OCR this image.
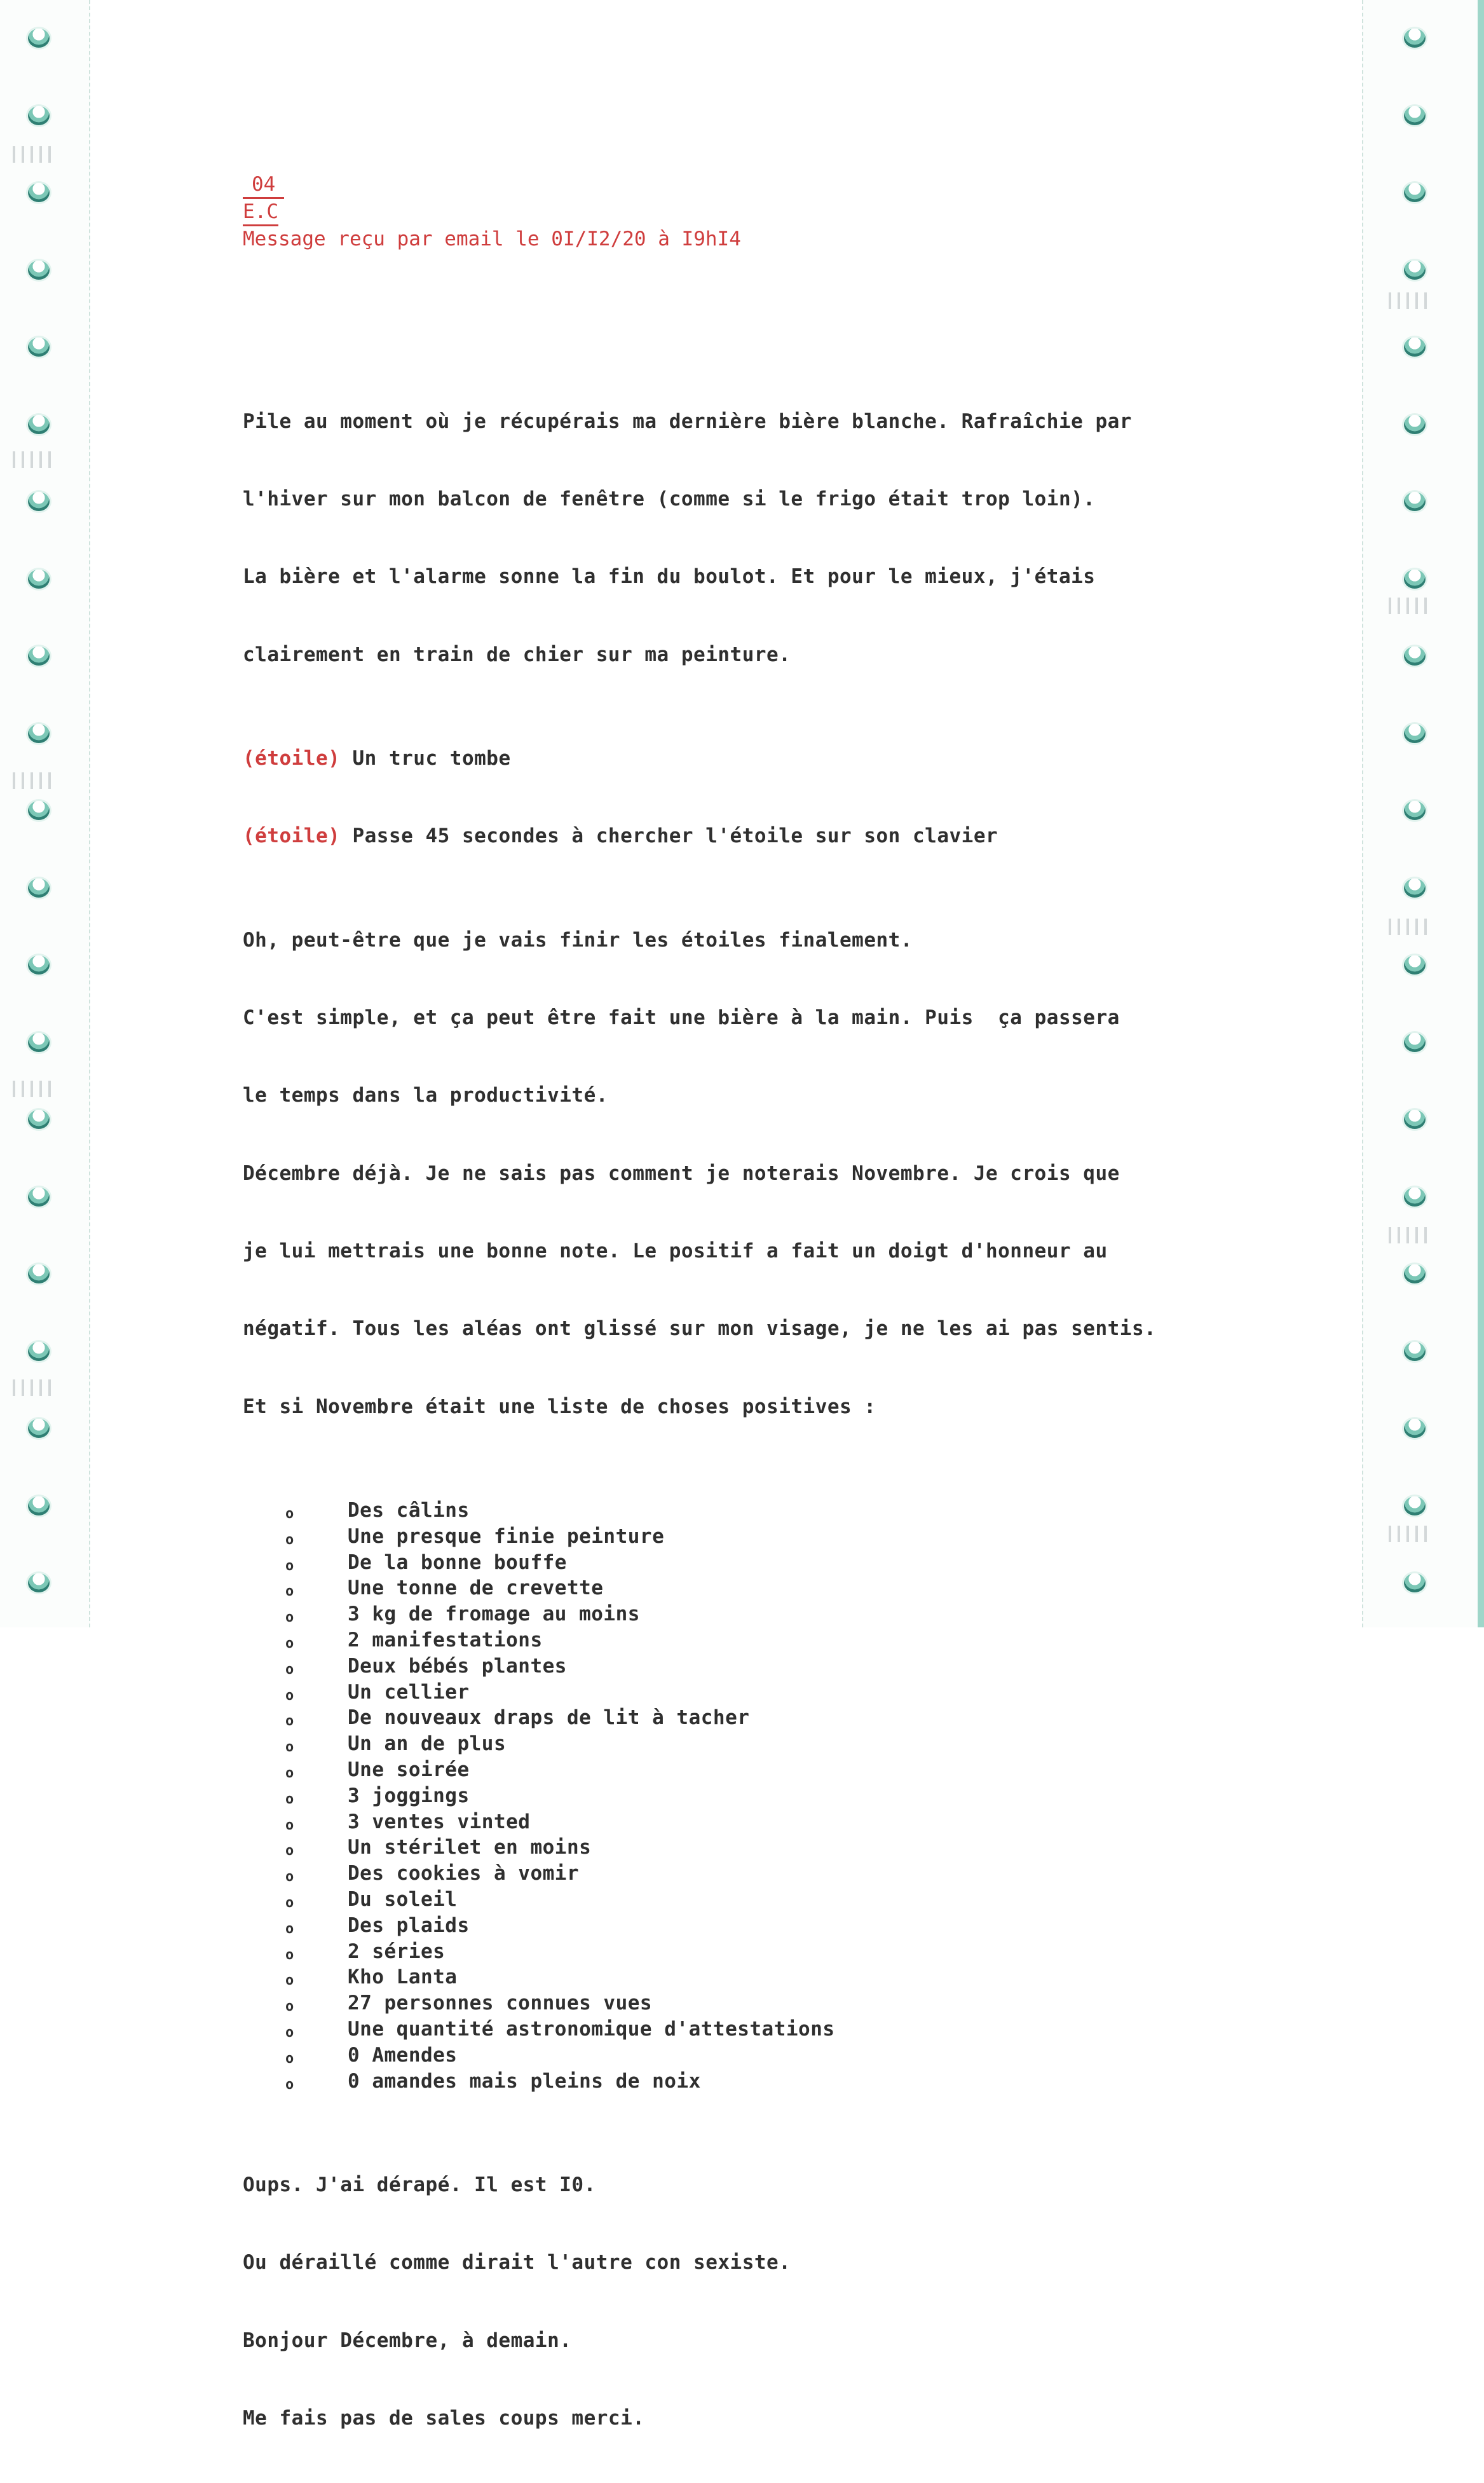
04
E.C
Message reçu par email le 0I/I2/20 à I9hI4

Pile au moment où je récupérais ma dernière bière blanche. Rafraîchie par

l'hiver sur mon balcon de fenêtre (comme si le frigo était trop loin).

La bière et l'alarme sonne la fin du boulot. Et pour le mieux, j'étais

clairement en train de chier sur ma peinture.

(étoile) Un truc tombe

(étoile) Passe 45 secondes à chercher l'étoile sur son clavier

Oh, peut-être que je vais finir les étoiles finalement.

C'est simple, et ça peut être fait une bière à la main. Puis  ça passera

le temps dans la productivité.

Décembre déjà. Je ne sais pas comment je noterais Novembre. Je crois que

je lui mettrais une bonne note. Le positif a fait un doigt d'honneur au

négatif. Tous les aléas ont glissé sur mon visage, je ne les ai pas sentis.

Et si Novembre était une liste de choses positives :

o	Des câlins
o	Une presque finie peinture
o	De la bonne bouffe
o	Une tonne de crevette
o	3 kg de fromage au moins
o	2 manifestations
o	Deux bébés plantes
o	Un cellier
o	De nouveaux draps de lit à tacher
o	Un an de plus
o	Une soirée
o	3 joggings
o	3 ventes vinted
o	Un stérilet en moins
o	Des cookies à vomir
o	Du soleil
o	Des plaids
o	2 séries
o	Kho Lanta
o	27 personnes connues vues
o	Une quantité astronomique d'attestations
o	0 Amendes
o	0 amandes mais pleins de noix

Oups. J'ai dérapé. Il est I0.

Ou déraillé comme dirait l'autre con sexiste.

Bonjour Décembre, à demain.

Me fais pas de sales coups merci.
